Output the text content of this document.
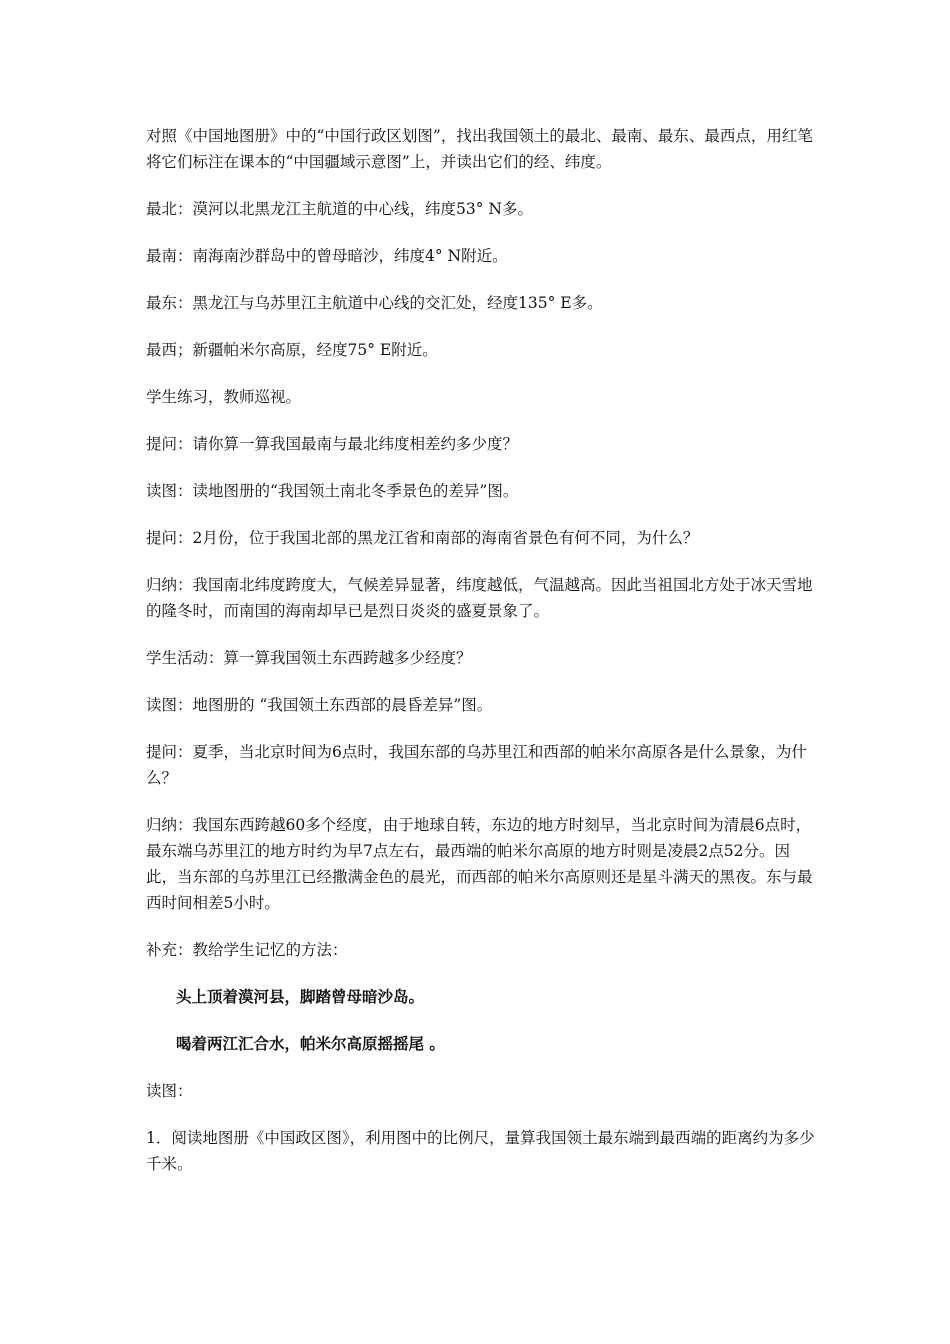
对照《中国地图册》中的“中国行政区划图”，找出我国领土的最北、最南、最东、最西点，用红笔将它们标注在课本的“中国疆域示意图”上，并读出它们的经、纬度。

最北：漠河以北黑龙江主航道的中心线，纬度53° N多。

最南：南海南沙群岛中的曾母暗沙，纬度4° N附近。

最东：黑龙江与乌苏里江主航道中心线的交汇处，经度135° E多。

最西；新疆帕米尔高原，经度75° E附近。

学生练习，教师巡视。

提问：请你算一算我国最南与最北纬度相差约多少度？

读图：读地图册的“我国领土南北冬季景色的差异”图。

提问：2月份，位于我国北部的黑龙江省和南部的海南省景色有何不同，为什么？

归纳：我国南北纬度跨度大，气候差异显著，纬度越低，气温越高。因此当祖国北方处于冰天雪地的隆冬时，而南国的海南却早已是烈日炎炎的盛夏景象了。

学生活动：算一算我国领土东西跨越多少经度？

读图：地图册的 “我国领土东西部的晨昏差异”图。

提问：夏季，当北京时间为6点时，我国东部的乌苏里江和西部的帕米尔高原各是什么景象，为什么？

归纳：我国东西跨越60多个经度，由于地球自转，东边的地方时刻早，当北京时间为清晨6点时，最东端乌苏里江的地方时约为早7点左右，最西端的帕米尔高原的地方时则是凌晨2点52分。因此，当东部的乌苏里江已经撒满金色的晨光，而西部的帕米尔高原则还是星斗满天的黑夜。东与最西时间相差5小时。

补充：教给学生记忆的方法：

头上顶着漠河县，脚踏曾母暗沙岛。

喝着两江汇合水，帕米尔高原摇摇尾 。

读图：

1．阅读地图册《中国政区图》，利用图中的比例尺，量算我国领土最东端到最西端的距离约为多少千米。
